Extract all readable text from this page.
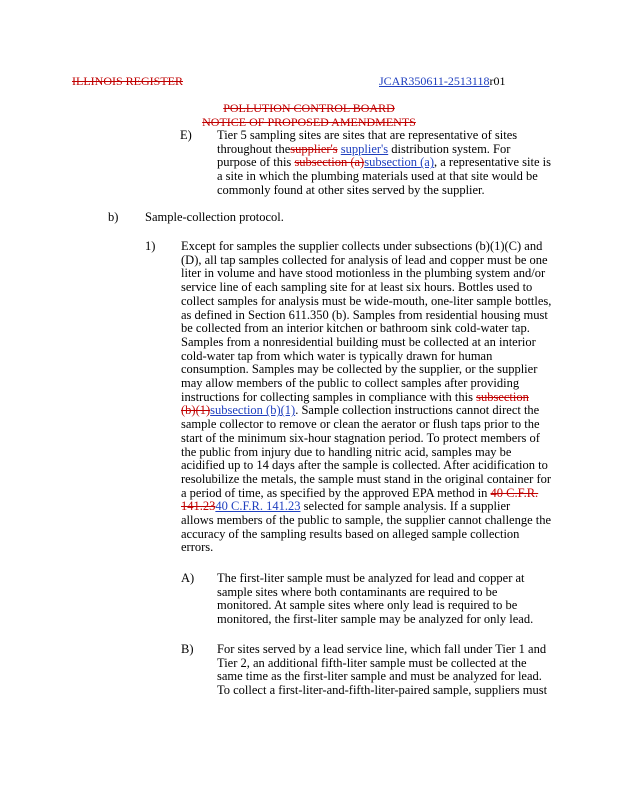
ILLINOIS REGISTER	JCAR350611-2513118r01
POLLUTION CONTROL BOARD
NOTICE OF PROPOSED AMENDMENTS
E) Tier 5 sampling sites are sites that are representative of sites
throughout thesupplier's supplier's distribution system. For
purpose of this subsection (a)subsection (a), a representative site is
a site in which the plumbing materials used at that site would be
commonly found at other sites served by the supplier.
b) Sample-collection protocol.
1) Except for samples the supplier collects under subsections (b)(1)(C) and
(D), all tap samples collected for analysis of lead and copper must be one
liter in volume and have stood motionless in the plumbing system and/or
service line of each sampling site for at least six hours. Bottles used to
collect samples for analysis must be wide-mouth, one-liter sample bottles,
as defined in Section 611.350 (b). Samples from residential housing must
be collected from an interior kitchen or bathroom sink cold-water tap.
Samples from a nonresidential building must be collected at an interior
cold-water tap from which water is typically drawn for human
consumption. Samples may be collected by the supplier, or the supplier
may allow members of the public to collect samples after providing
instructions for collecting samples in compliance with this subsection
(b)(1)subsection (b)(1). Sample collection instructions cannot direct the
sample collector to remove or clean the aerator or flush taps prior to the
start of the minimum six-hour stagnation period. To protect members of
the public from injury due to handling nitric acid, samples may be
acidified up to 14 days after the sample is collected. After acidification to
resolubilize the metals, the sample must stand in the original container for
a period of time, as specified by the approved EPA method in 40 C.F.R.
141.2340 C.F.R. 141.23 selected for sample analysis. If a supplier
allows members of the public to sample, the supplier cannot challenge the
accuracy of the sampling results based on alleged sample collection
errors.
A) The first-liter sample must be analyzed for lead and copper at
sample sites where both contaminants are required to be
monitored. At sample sites where only lead is required to be
monitored, the first-liter sample may be analyzed for only lead.
B) For sites served by a lead service line, which fall under Tier 1 and
Tier 2, an additional fifth-liter sample must be collected at the
same time as the first-liter sample and must be analyzed for lead.
To collect a first-liter-and-fifth-liter-paired sample, suppliers must
